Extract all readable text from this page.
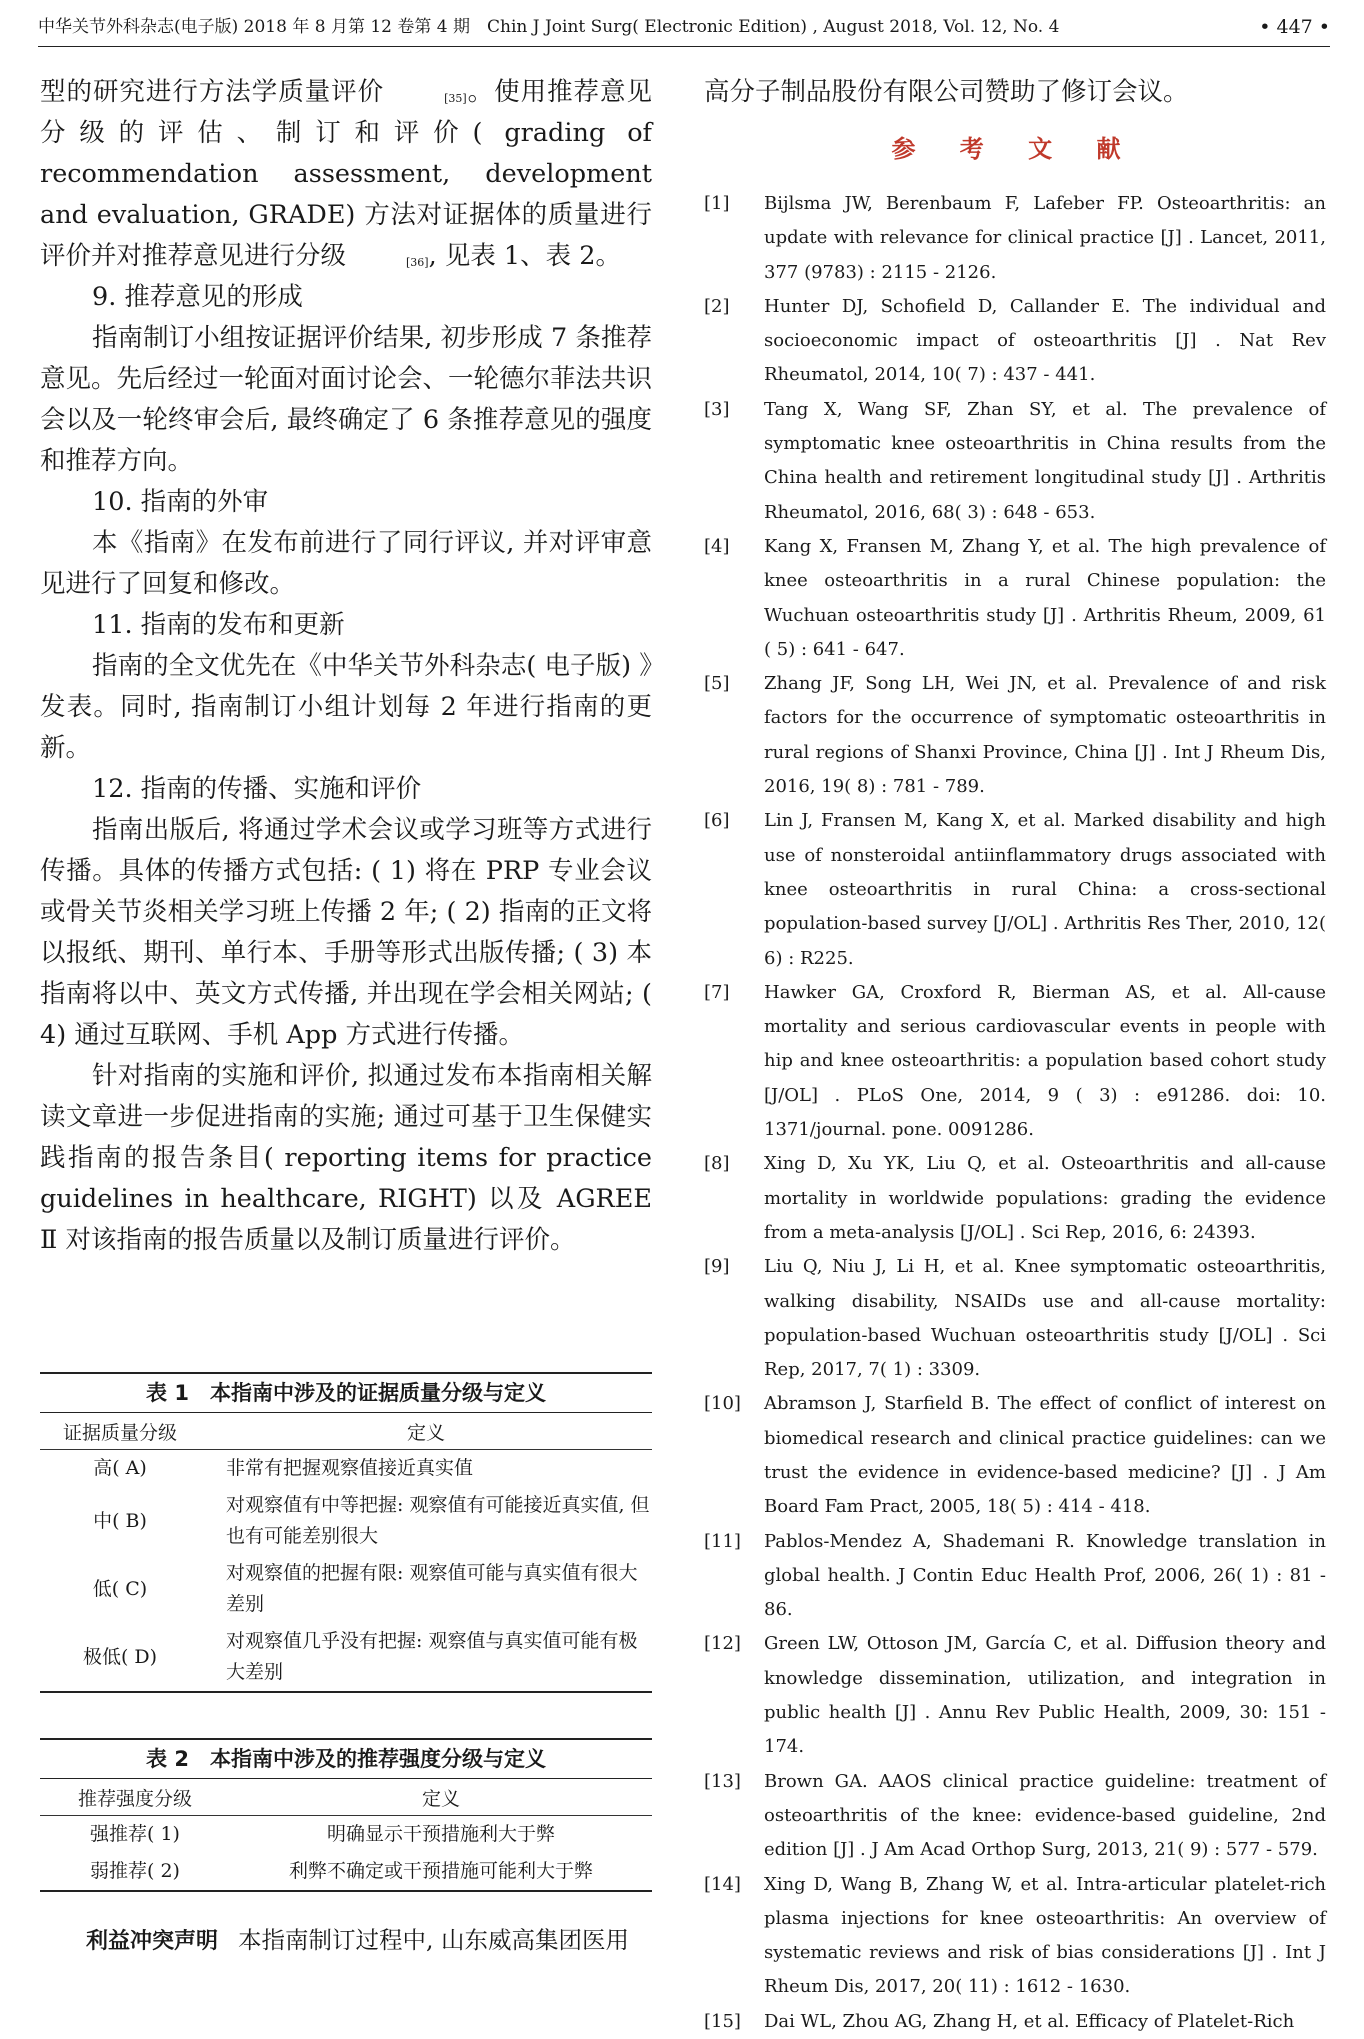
中华关节外科杂志(电子版) 2018 年 8 月第 12 卷第 4 期　Chin J Joint Surg( Electronic Edition) , August 2018, Vol. 12, No. 4	• 447 •

型的研究进行方法学质量评价	[35]。使用推荐意见分级的评估、制订和评价( grading of recommendation assessment, development and evaluation, GRADE) 方法对证据体的质量进行评价并对推荐意见进行分级	[36], 见表 1、表 2。

9. 推荐意见的形成

指南制订小组按证据评价结果, 初步形成 7 条推荐意见。先后经过一轮面对面讨论会、一轮德尔菲法共识会以及一轮终审会后, 最终确定了 6 条推荐意见的强度和推荐方向。

10. 指南的外审

本《指南》在发布前进行了同行评议, 并对评审意见进行了回复和修改。

11. 指南的发布和更新

指南的全文优先在《中华关节外科杂志( 电子版) 》发表。同时, 指南制订小组计划每 2 年进行指南的更新。

12. 指南的传播、实施和评价

指南出版后, 将通过学术会议或学习班等方式进行传播。具体的传播方式包括: ( 1) 将在 PRP 专业会议或骨关节炎相关学习班上传播 2 年; ( 2) 指南的正文将以报纸、期刊、单行本、手册等形式出版传播; ( 3) 本指南将以中、英文方式传播, 并出现在学会相关网站; ( 4) 通过互联网、手机 App 方式进行传播。

针对指南的实施和评价, 拟通过发布本指南相关解读文章进一步促进指南的实施; 通过可基于卫生保健实践指南的报告条目( reporting items for practice guidelines in healthcare, RIGHT) 以及 AGREE Ⅱ 对该指南的报告质量以及制订质量进行评价。

表 1　本指南中涉及的证据质量分级与定义
证据质量分级	定义
高( A)	非常有把握观察值接近真实值
中( B)	对观察值有中等把握: 观察值有可能接近真实值, 但也有可能差别很大
低( C)	对观察值的把握有限: 观察值可能与真实值有很大差别
极低( D)	对观察值几乎没有把握: 观察值与真实值可能有极大差别
表 2　本指南中涉及的推荐强度分级与定义
推荐强度分级	定义
强推荐( 1)	明确显示干预措施利大于弊
弱推荐( 2)	利弊不确定或干预措施可能利大于弊
利益冲突声明 本指南制订过程中, 山东威高集团医用
高分子制品股份有限公司赞助了修订会议。
参 考 文 献
[1] Bijlsma JW, Berenbaum F, Lafeber FP. Osteoarthritis: an update with relevance for clinical practice [J] . Lancet, 2011, 377 (9783) : 2115 - 2126.
[2] Hunter DJ, Schofield D, Callander E. The individual and socioeconomic impact of osteoarthritis [J] . Nat Rev Rheumatol, 2014, 10( 7) : 437 - 441.
[3] Tang X, Wang SF, Zhan SY, et al. The prevalence of symptomatic knee osteoarthritis in China results from the China health and retirement longitudinal study [J] . Arthritis Rheumatol, 2016, 68( 3) : 648 - 653.
[4] Kang X, Fransen M, Zhang Y, et al. The high prevalence of knee osteoarthritis in a rural Chinese population: the Wuchuan osteoarthritis study [J] . Arthritis Rheum, 2009, 61 ( 5) : 641 - 647.
[5] Zhang JF, Song LH, Wei JN, et al. Prevalence of and risk factors for the occurrence of symptomatic osteoarthritis in rural regions of Shanxi Province, China [J] . Int J Rheum Dis, 2016, 19( 8) : 781 - 789.
[6] Lin J, Fransen M, Kang X, et al. Marked disability and high use of nonsteroidal antiinflammatory drugs associated with knee osteoarthritis in rural China: a cross-sectional population-based survey [J/OL] . Arthritis Res Ther, 2010, 12( 6) : R225.
[7] Hawker GA, Croxford R, Bierman AS, et al. All-cause mortality and serious cardiovascular events in people with hip and knee osteoarthritis: a population based cohort study [J/OL] . PLoS One, 2014, 9 ( 3) : e91286. doi: 10. 1371/journal. pone. 0091286.
[8] Xing D, Xu YK, Liu Q, et al. Osteoarthritis and all-cause mortality in worldwide populations: grading the evidence from a meta-analysis [J/OL] . Sci Rep, 2016, 6: 24393.
[9] Liu Q, Niu J, Li H, et al. Knee symptomatic osteoarthritis, walking disability, NSAIDs use and all-cause mortality: population-based Wuchuan osteoarthritis study [J/OL] . Sci Rep, 2017, 7( 1) : 3309.
[10] Abramson J, Starfield B. The effect of conflict of interest on biomedical research and clinical practice guidelines: can we trust the evidence in evidence-based medicine? [J] . J Am Board Fam Pract, 2005, 18( 5) : 414 - 418.
[11] Pablos-Mendez A, Shademani R. Knowledge translation in global health. J Contin Educ Health Prof, 2006, 26( 1) : 81 - 86.
[12] Green LW, Ottoson JM, García C, et al. Diffusion theory and knowledge dissemination, utilization, and integration in public health [J] . Annu Rev Public Health, 2009, 30: 151 - 174.
[13] Brown GA. AAOS clinical practice guideline: treatment of osteoarthritis of the knee: evidence-based guideline, 2nd edition [J] . J Am Acad Orthop Surg, 2013, 21( 9) : 577 - 579.
[14] Xing D, Wang B, Zhang W, et al. Intra-articular platelet-rich plasma injections for knee osteoarthritis: An overview of systematic reviews and risk of bias considerations [J] . Int J Rheum Dis, 2017, 20( 11) : 1612 - 1630.
[15] Dai WL, Zhou AG, Zhang H, et al. Efficacy of Platelet-Rich
